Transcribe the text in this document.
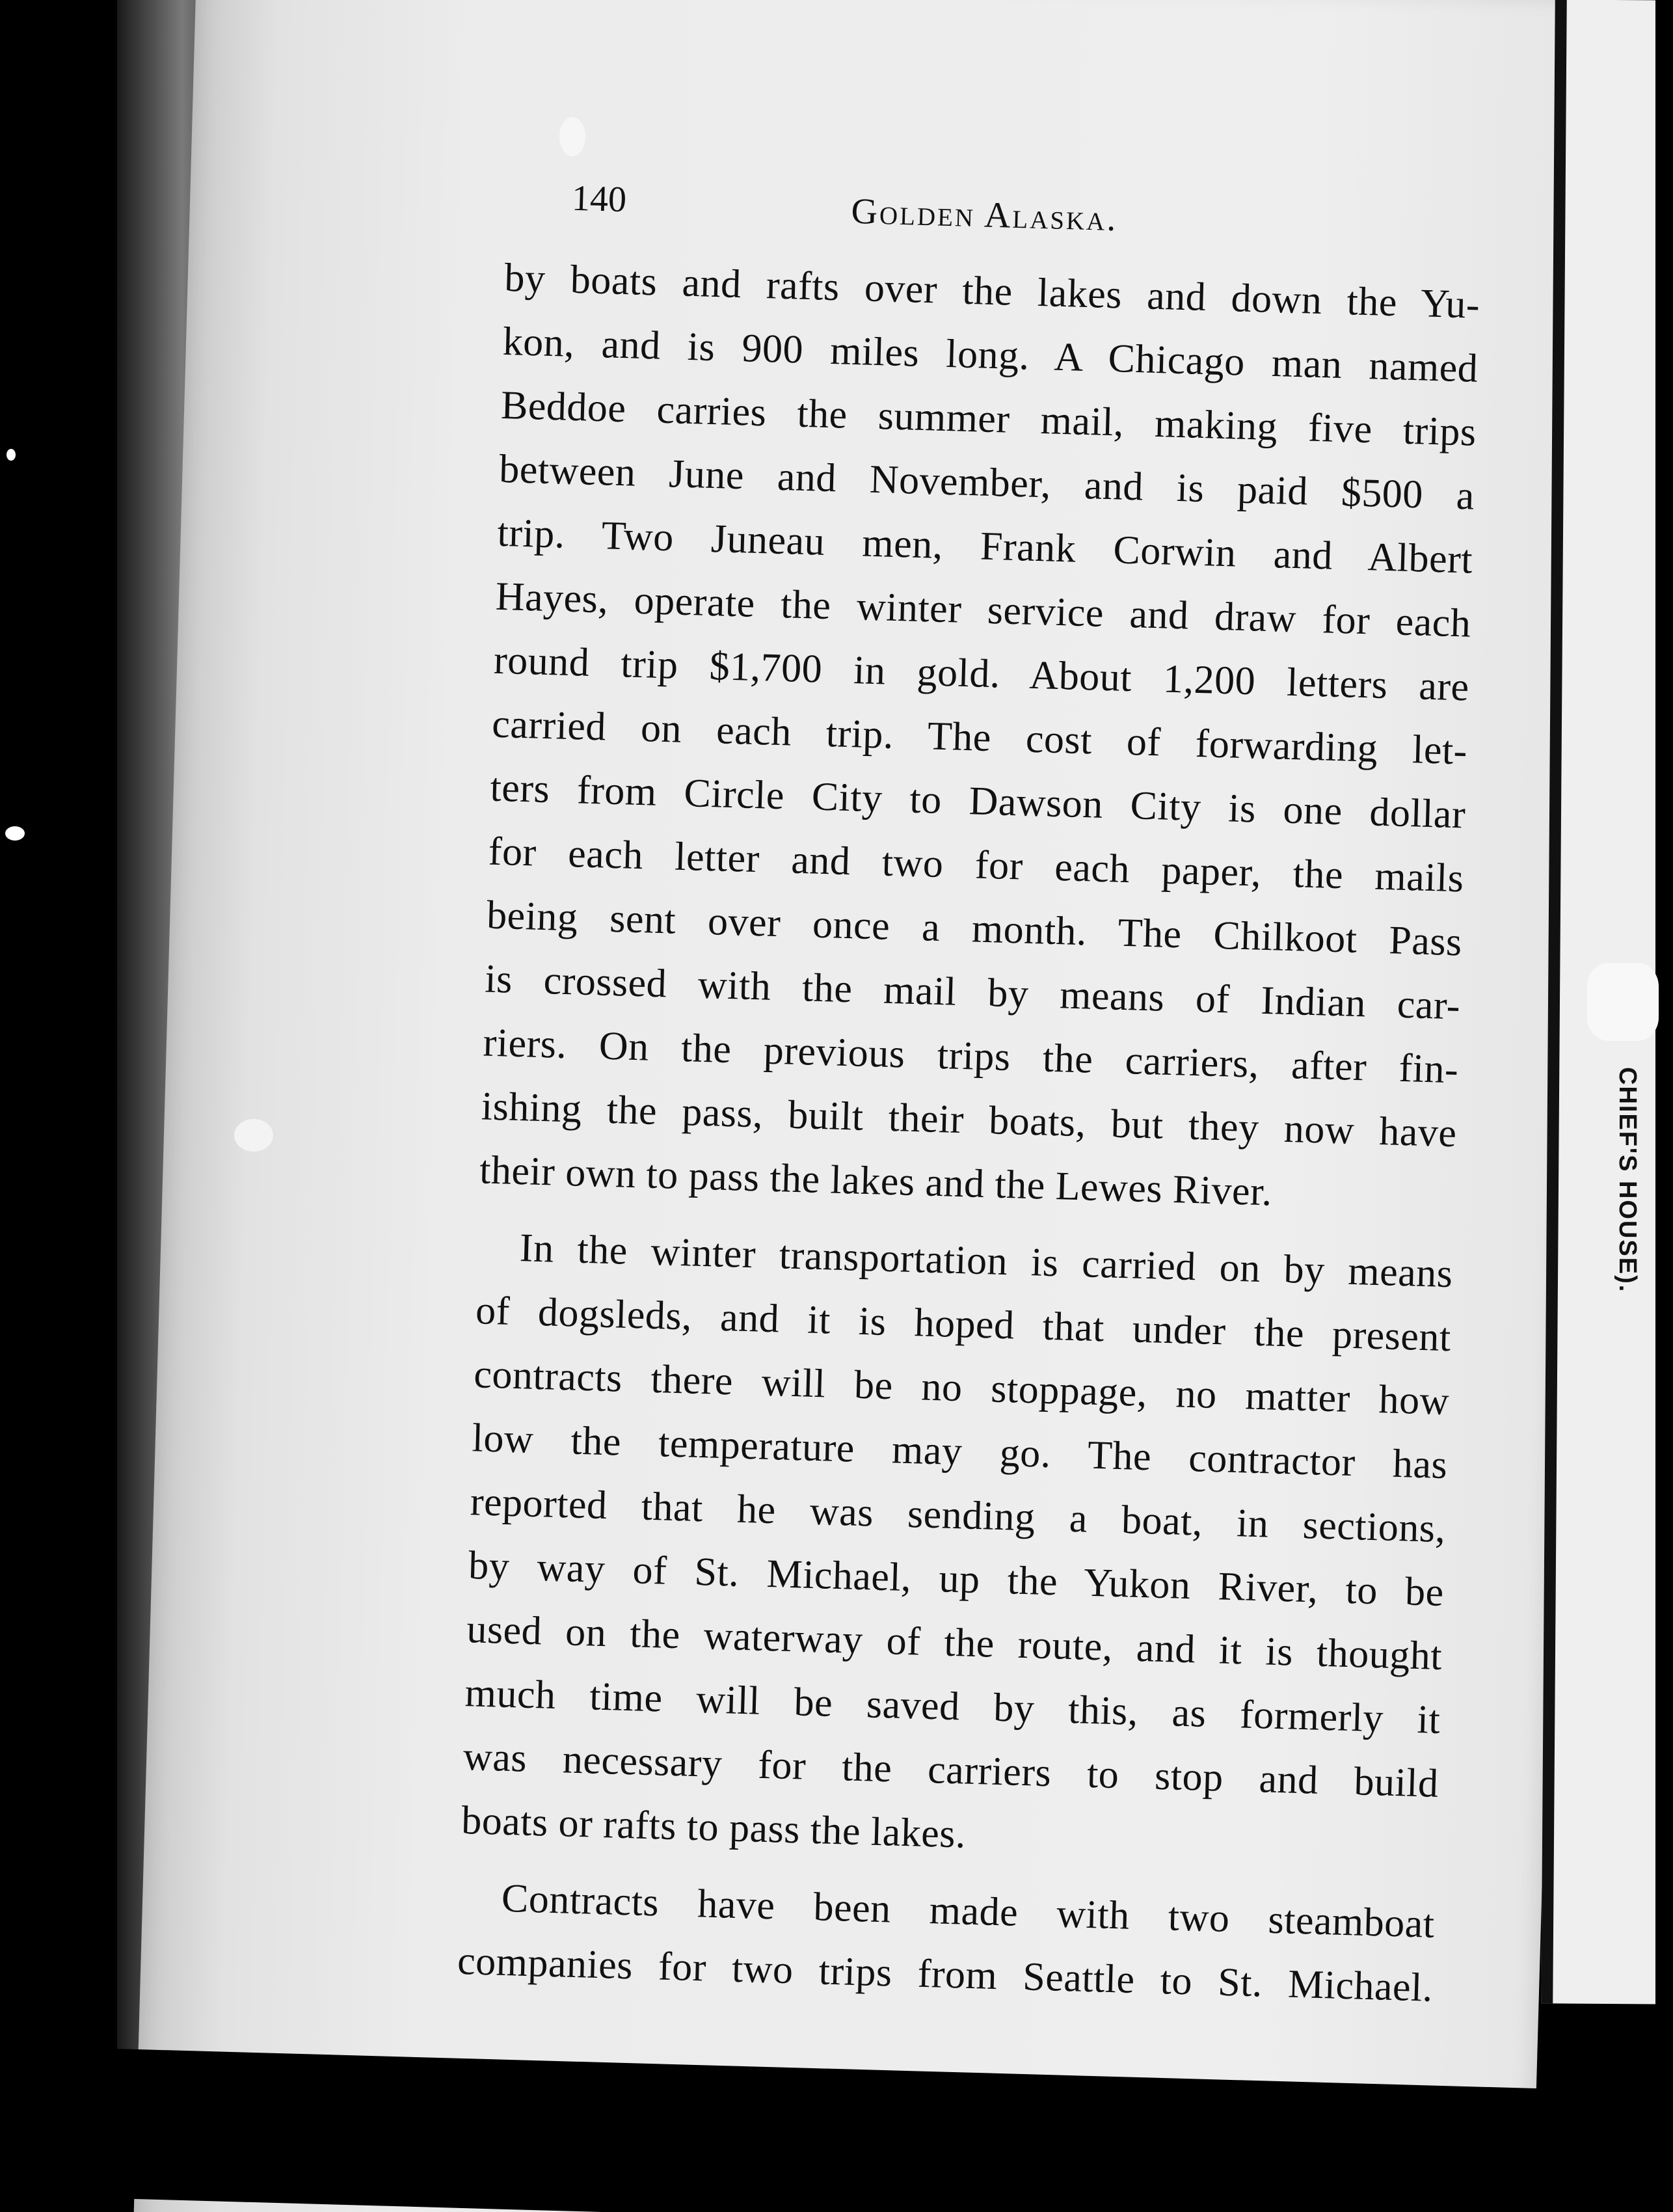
CHIEF'S HOUSE).
140	Golden Alaska.

by boats and rafts over the lakes and down the Yu-
kon, and is 900 miles long. A Chicago man named
Beddoe carries the summer mail, making five trips
between June and November, and is paid $500 a
trip. Two Juneau men, Frank Corwin and Albert
Hayes, operate the winter service and draw for each
round trip $1,700 in gold. About 1,200 letters are
carried on each trip. The cost of forwarding let-
ters from Circle City to Dawson City is one dollar
for each letter and two for each paper, the mails
being sent over once a month. The Chilkoot Pass
is crossed with the mail by means of Indian car-
riers. On the previous trips the carriers, after fin-
ishing the pass, built their boats, but they now have
their own to pass the lakes and the Lewes River.

In the winter transportation is carried on by means
of dogsleds, and it is hoped that under the present
contracts there will be no stoppage, no matter how
low the temperature may go. The contractor has
reported that he was sending a boat, in sections,
by way of St. Michael, up the Yukon River, to be
used on the waterway of the route, and it is thought
much time will be saved by this, as formerly it
was necessary for the carriers to stop and build
boats or rafts to pass the lakes.

Contracts have been made with two steamboat
companies for two trips from Seattle to St. Michael.
